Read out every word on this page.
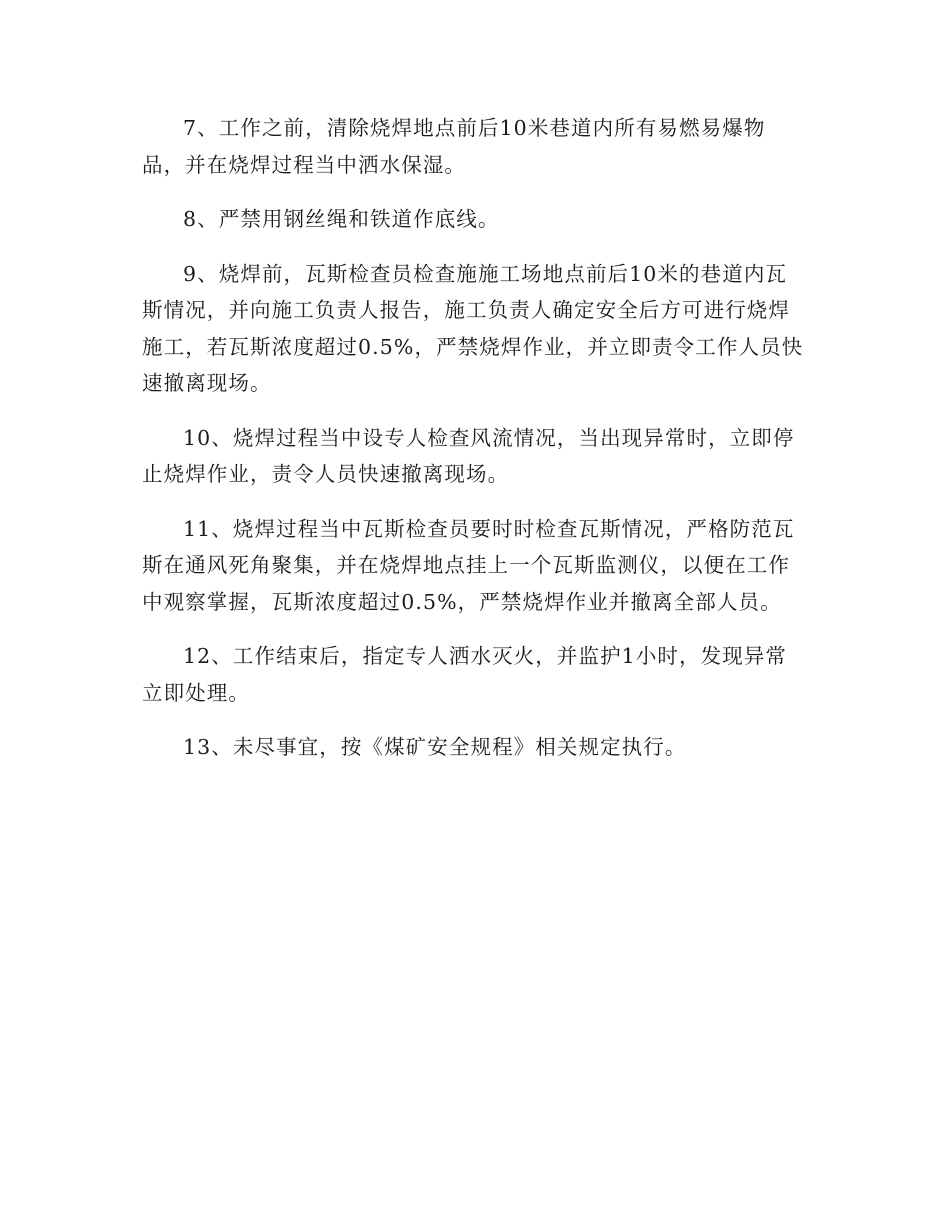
7、工作之前，清除烧焊地点前后10米巷道内所有易燃易爆物
品，并在烧焊过程当中洒水保湿。
8、严禁用钢丝绳和铁道作底线。
9、烧焊前，瓦斯检查员检查施施工场地点前后10米的巷道内瓦
斯情况，并向施工负责人报告，施工负责人确定安全后方可进行烧焊
施工，若瓦斯浓度超过0.5%，严禁烧焊作业，并立即责令工作人员快
速撤离现场。
10、烧焊过程当中设专人检查风流情况，当出现异常时，立即停
止烧焊作业，责令人员快速撤离现场。
11、烧焊过程当中瓦斯检查员要时时检查瓦斯情况，严格防范瓦
斯在通风死角聚集，并在烧焊地点挂上一个瓦斯监测仪，以便在工作
中观察掌握，瓦斯浓度超过0.5%，严禁烧焊作业并撤离全部人员。
12、工作结束后，指定专人洒水灭火，并监护1小时，发现异常
立即处理。
13、未尽事宜，按《煤矿安全规程》相关规定执行。
